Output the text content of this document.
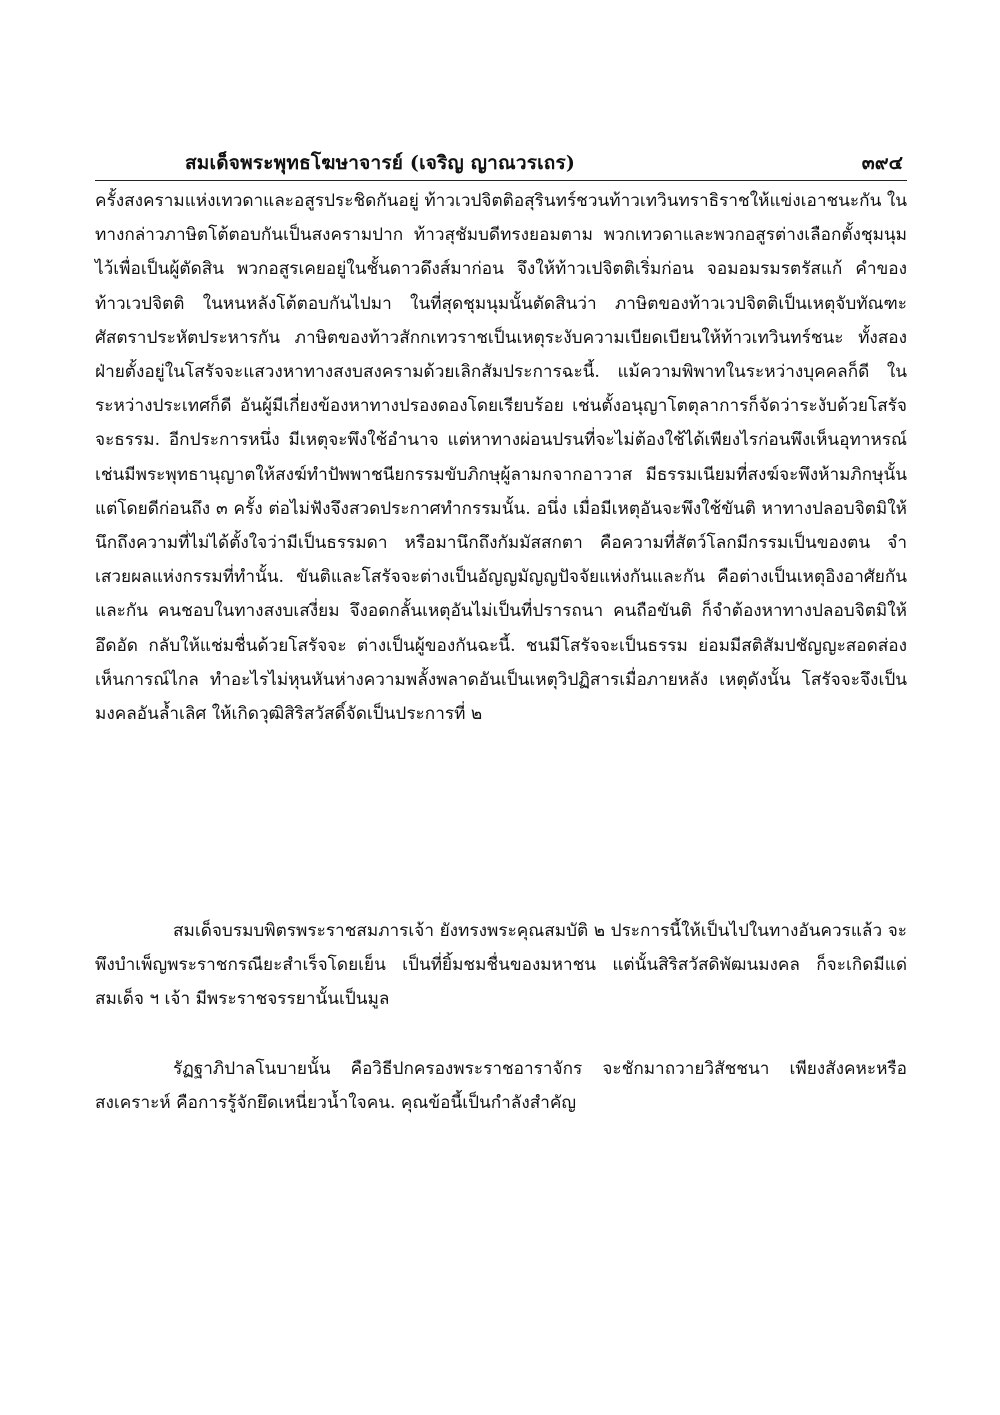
สมเด็จพระพุทธโฆษาจารย์ (เจริญ ญาณวรเถร)	๓๙๔

ครั้งสงครามแห่งเทวดาและอสูรประชิดกันอยู่ ท้าวเวปจิตติอสุรินทร์ชวนท้าวเทวินทราธิราชให้แข่งเอาชนะกัน ในทางกล่าวภาษิตโต้ตอบกันเป็นสงครามปาก ท้าวสุชัมบดีทรงยอมตาม พวกเทวดาและพวกอสูรต่างเลือกตั้งชุมนุมไว้เพื่อเป็นผู้ตัดสิน พวกอสูรเคยอยู่ในชั้นดาวดึงส์มาก่อน จึงให้ท้าวเปจิตติเริ่มก่อน จอมอมรมรตรัสแก้ คำของท้าวเวปจิตติ ในหนหลังโต้ตอบกันไปมา ในที่สุดชุมนุมนั้นตัดสินว่า ภาษิตของท้าวเวปจิตติเป็นเหตุจับทัณฑะศัสตราประหัตประหารกัน ภาษิตของท้าวสักกเทวราชเป็นเหตุระงับความเบียดเบียนให้ท้าวเทวินทร์ชนะ ทั้งสองฝ่ายตั้งอยู่ในโสรัจจะแสวงหาทางสงบสงครามด้วยเลิกสัมประการฉะนี้. แม้ความพิพาทในระหว่างบุคคลก็ดี ในระหว่างประเทศก็ดี อันผู้มีเกี่ยงข้องหาทางปรองดองโดยเรียบร้อย เช่นตั้งอนุญาโตตุลาการก็จัดว่าระงับด้วยโสรัจจะธรรม. อีกประการหนึ่ง มีเหตุจะพึงใช้อำนาจ แต่หาทางผ่อนปรนที่จะไม่ต้องใช้ได้เพียงไรก่อนพึงเห็นอุทาหรณ์ เช่นมีพระพุทธานุญาตให้สงฆ์ทำปัพพาชนียกรรมขับภิกษุผู้ลามกจากอาวาส มีธรรมเนียมที่สงฆ์จะพึงห้ามภิกษุนั้นแต่โดยดีก่อนถึง ๓ ครั้ง ต่อไม่ฟังจึงสวดประกาศทำกรรมนั้น. อนึ่ง เมื่อมีเหตุอันจะพึงใช้ขันติ หาทางปลอบจิตมิให้นึกถึงความที่ไม่ได้ตั้งใจว่ามีเป็นธรรมดา หรือมานึกถึงกัมมัสสกตา คือความที่สัตว์โลกมีกรรมเป็นของตน จำเสวยผลแห่งกรรมที่ทำนั้น. ขันติและโสรัจจะต่างเป็นอัญญมัญญปัจจัยแห่งกันและกัน คือต่างเป็นเหตุอิงอาศัยกันและกัน คนชอบในทางสงบเสงี่ยม จึงอดกลั้นเหตุอันไม่เป็นที่ปรารถนา คนถือขันติ ก็จำต้องหาทางปลอบจิตมิให้อึดอัด กลับให้แช่มชื่นด้วยโสรัจจะ ต่างเป็นผู้ของกันฉะนี้. ชนมีโสรัจจะเป็นธรรม ย่อมมีสติสัมปชัญญะสอดส่องเห็นการณ์ไกล ทำอะไรไม่หุนหันห่างความพลั้งพลาดอันเป็นเหตุวิปฏิสารเมื่อภายหลัง เหตุดังนั้น โสรัจจะจึงเป็นมงคลอันล้ำเลิศ ให้เกิดวุฒิสิริสวัสดิ์จัดเป็นประการที่ ๒

สมเด็จบรมบพิตรพระราชสมภารเจ้า ยังทรงพระคุณสมบัติ ๒ ประการนี้ให้เป็นไปในทางอันควรแล้ว จะพึงบำเพ็ญพระราชกรณียะสำเร็จโดยเย็น เป็นที่ยิ้มชมชื่นของมหาชน แต่นั้นสิริสวัสดิพัฒนมงคล ก็จะเกิดมีแด่สมเด็จ ฯ เจ้า มีพระราชจรรยานั้นเป็นมูล

รัฏฐาภิปาลโนบายนั้น คือวิธีปกครองพระราชอาราจักร จะชักมาถวายวิสัชชนา เพียงสังคหะหรือสงเคราะห์ คือการรู้จักยึดเหนี่ยวน้ำใจคน. คุณข้อนี้เป็นกำลังสำคัญ
